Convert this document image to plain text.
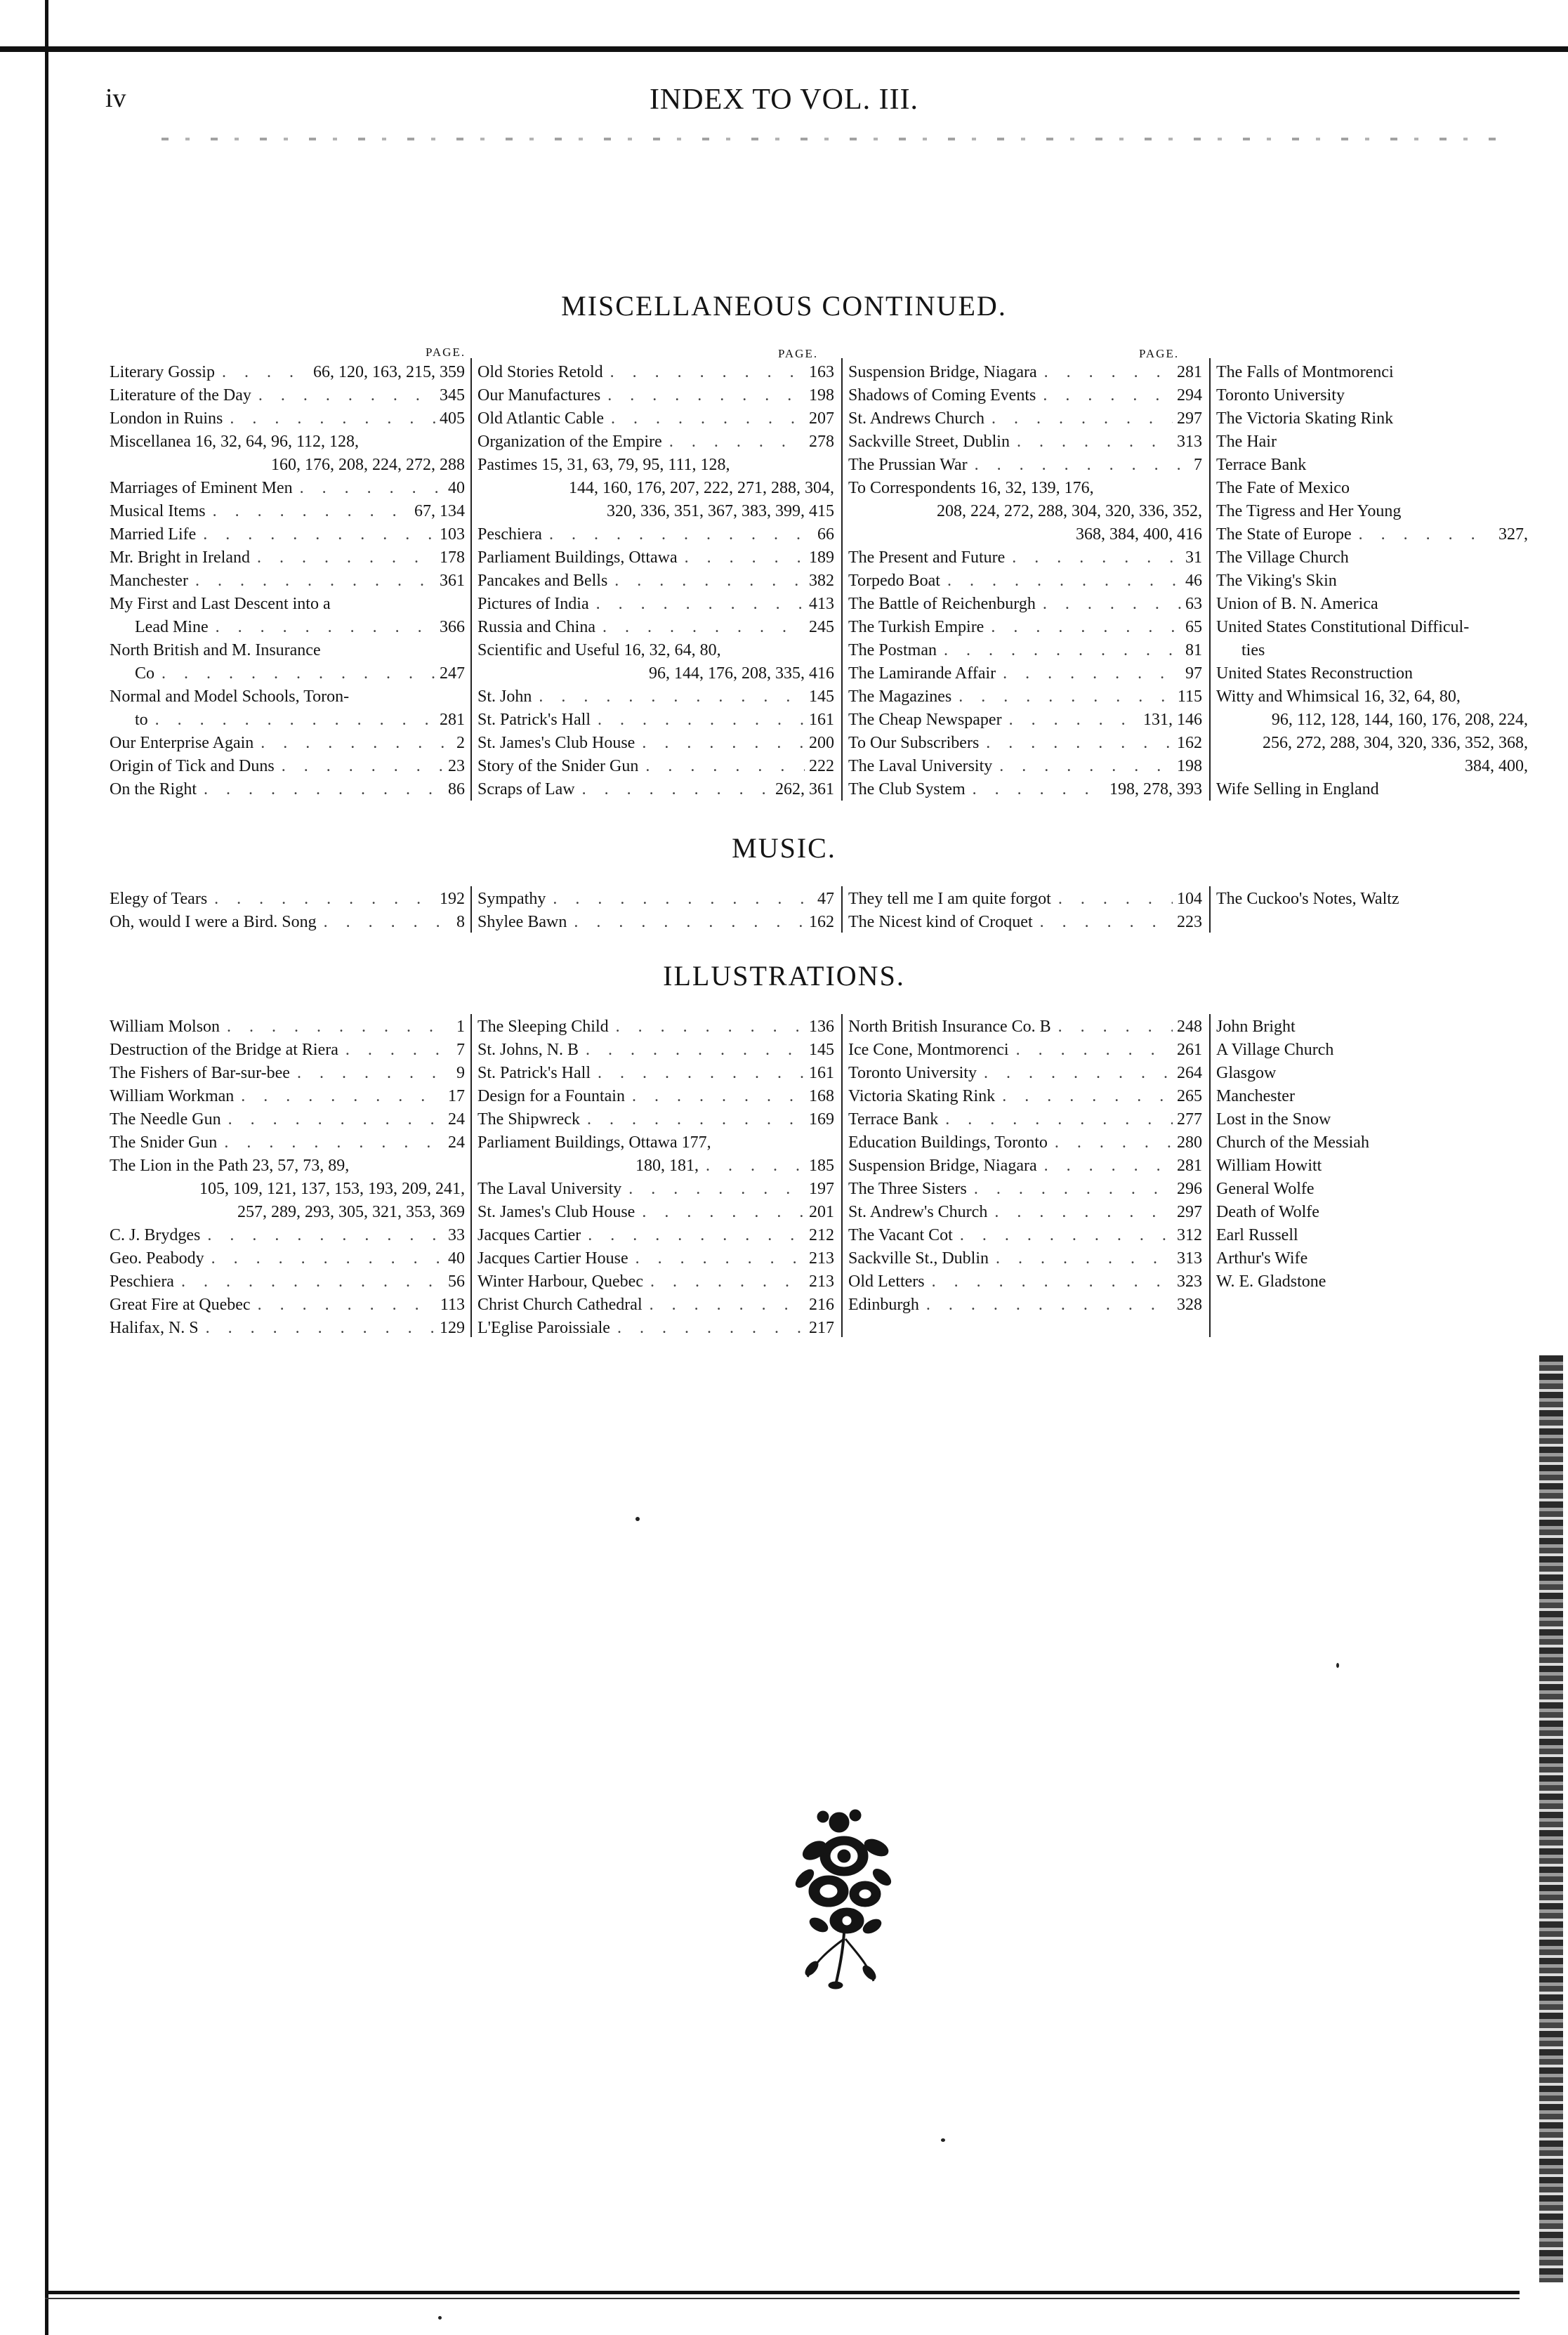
iv	INDEX TO VOL. III.
MISCELLANEOUS CONTINUED.
PAGE.	PAGE.	PAGE.
Literary Gossip . . .	66, 120, 163, 215, 359
Literature of the Day . . .	345
London in Ruins . . .	405
Miscellanea 16, 32, 64, 96, 112, 128,
160, 176, 208, 224, 272, 288
Marriages of Eminent Men . . .	40
Musical Items . . .	67, 134
Married Life . . .	103
Mr. Bright in Ireland . . .	178
Manchester . . .	361
My First and Last Descent into a
Lead Mine . . .	366
North British and M. Insurance
Co . . .	247
Normal and Model Schools, Toron-
to . . .	281
Our Enterprise Again . . .	2
Origin of Tick and Duns . . .	23
On the Right . . .	86
Old Stories Retold . . .	163
Our Manufactures . . .	198
Old Atlantic Cable . . .	207
Organization of the Empire . . .	278
Pastimes 15, 31, 63, 79, 95, 111, 128,
144, 160, 176, 207, 222, 271, 288, 304,
320, 336, 351, 367, 383, 399, 415
Peschiera . . .	66
Parliament Buildings, Ottawa . . .	189
Pancakes and Bells . . .	382
Pictures of India . . .	413
Russia and China . . .	245
Scientific and Useful 16, 32, 64, 80,
96, 144, 176, 208, 335, 416
St. John . . .	145
St. Patrick's Hall . . .	161
St. James's Club House . . .	200
Story of the Snider Gun . . .	222
Scraps of Law . . .	262, 361
Suspension Bridge, Niagara . . .	281
Shadows of Coming Events . . .	294
St. Andrews Church . . .	297
Sackville Street, Dublin . . .	313
The Prussian War . . .	7
To Correspondents 16, 32, 139, 176,
208, 224, 272, 288, 304, 320, 336, 352,
368, 384, 400, 416
The Present and Future . . .	31
Torpedo Boat . . .	46
The Battle of Reichenburgh . . .	63
The Turkish Empire . . .	65
The Postman . . .	81
The Lamirande Affair . . .	97
The Magazines . . .	115
The Cheap Newspaper . . .	131, 146
To Our Subscribers . . .	162
The Laval University . . .	198
The Club System . . .	198, 278, 393
The Falls of Montmorenci
Toronto University
The Victoria Skating Rink
The Hair
Terrace Bank
The Fate of Mexico
The Tigress and Her Young
The State of Europe . . .	327,
The Village Church
The Viking's Skin
Union of B. N. America
United States Constitutional Difficul-
ties
United States Reconstruction
Witty and Whimsical 16, 32, 64, 80,
96, 112, 128, 144, 160, 176, 208, 224,
256, 272, 288, 304, 320, 336, 352, 368,
384, 400,
Wife Selling in England
MUSIC.
Elegy of Tears . . .	192
Oh, would I were a Bird. Song . . .	8
Sympathy . . .	47
Shylee Bawn . . .	162
They tell me I am quite forgot . . .	104
The Nicest kind of Croquet . . .	223
The Cuckoo's Notes, Waltz
ILLUSTRATIONS.
William Molson . . .	1
Destruction of the Bridge at Riera . . .	7
The Fishers of Bar-sur-bee . . .	9
William Workman . . .	17
The Needle Gun . . .	24
The Snider Gun . . .	24
The Lion in the Path 23, 57, 73, 89,
105, 109, 121, 137, 153, 193, 209, 241,
257, 289, 293, 305, 321, 353, 369
C. J. Brydges . . .	33
Geo. Peabody . . .	40
Peschiera . . .	56
Great Fire at Quebec . . .	113
Halifax, N. S . . .	129
The Sleeping Child . . .	136
St. Johns, N. B . . .	145
St. Patrick's Hall . . .	161
Design for a Fountain . . .	168
The Shipwreck . . .	169
Parliament Buildings, Ottawa 177,
180, 181, . . .	185
The Laval University . . .	197
St. James's Club House . . .	201
Jacques Cartier . . .	212
Jacques Cartier House . . .	213
Winter Harbour, Quebec . . .	213
Christ Church Cathedral . . .	216
L'Eglise Paroissiale . . .	217
North British Insurance Co. B . . .	248
Ice Cone, Montmorenci . . .	261
Toronto University . . .	264
Victoria Skating Rink . . .	265
Terrace Bank . . .	277
Education Buildings, Toronto . . .	280
Suspension Bridge, Niagara . . .	281
The Three Sisters . . .	296
St. Andrew's Church . . .	297
The Vacant Cot . . .	312
Sackville St., Dublin . . .	313
Old Letters . . .	323
Edinburgh . . .	328
John Bright
A Village Church
Glasgow
Manchester
Lost in the Snow
Church of the Messiah
William Howitt
General Wolfe
Death of Wolfe
Earl Russell
Arthur's Wife
W. E. Gladstone
